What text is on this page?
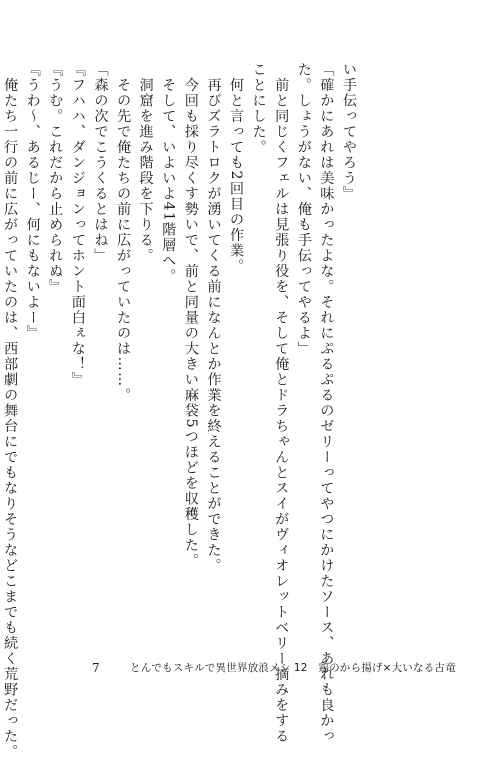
い手伝ってやろう』

「確かにあれは美味かったよな。それにぷるぷるのゼリーってやつにかけたソース、あれも良かっ

た。しょうがない、俺も手伝ってやるよ」

　前と同じくフェルは見張り役を、そして俺とドラちゃんとスイがヴィオレットベリー摘みをする

ことにした。

　何と言っても2回目の作業。

　再びズラトロクが湧いてくる前になんとか作業を終えることができた。

　今回も採り尽くす勢いで、前と同量の大きい麻袋5つほどを収穫した。

　そして、いよいよ41階層へ。

　洞窟を進み階段を下りる。

　その先で俺たちの前に広がっていたのは……。

「森の次でこうくるとはね」

『フハハ、ダンジョンってホント面白ぇな！』

『うむ。これだから止められぬ』

『うわ〜、あるじー、何にもないよー』

　俺たち一行の前に広がっていたのは、西部劇の舞台にでもなりそうなどこまでも続く荒野だった。	7	とんでもスキルで異世界放浪メシ 12　鶏のから揚げ×大いなる古竜
